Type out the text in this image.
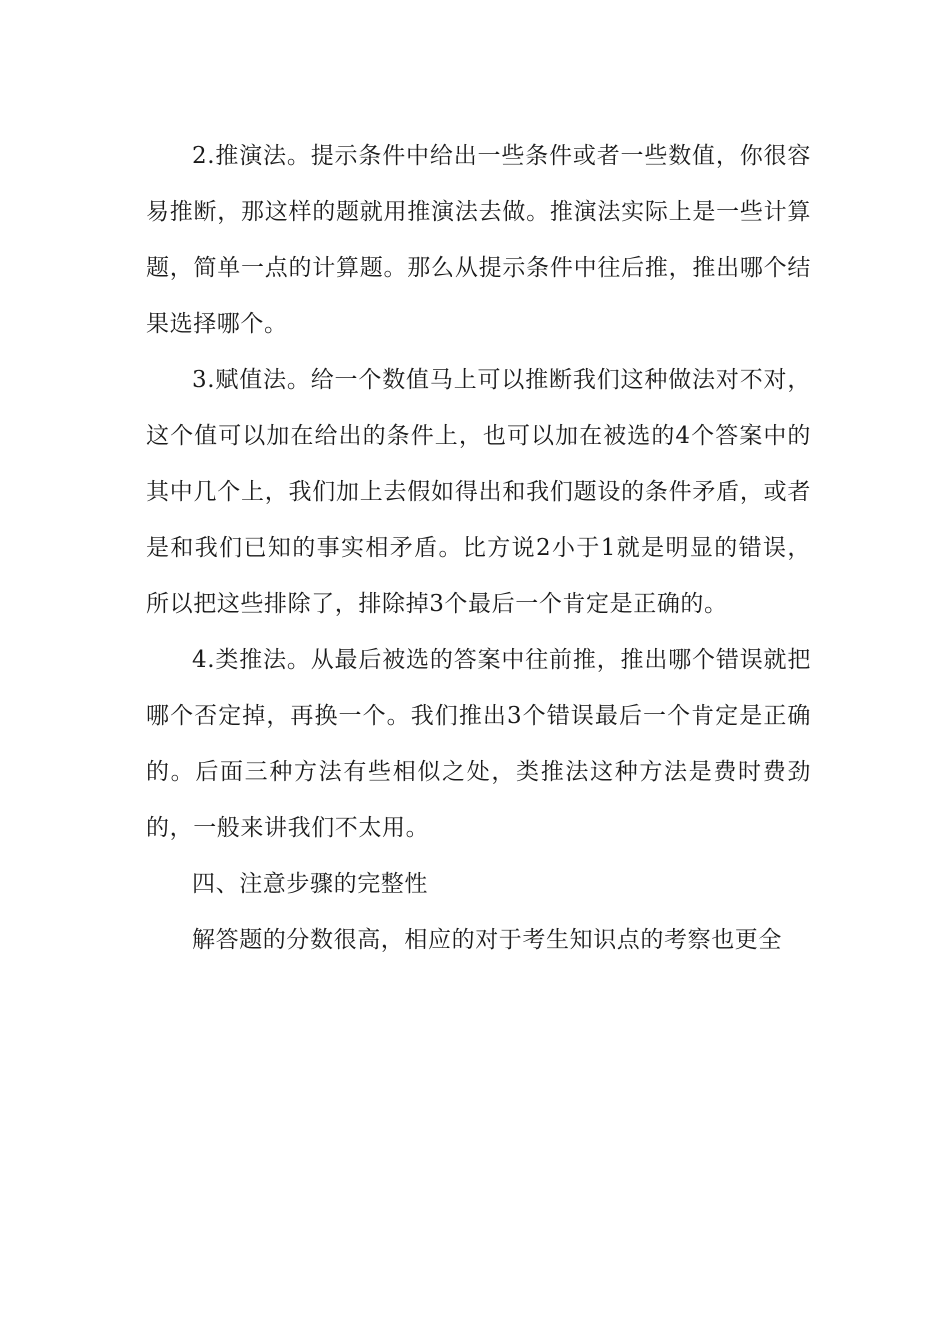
2.推演法。提示条件中给出一些条件或者一些数值，你很容易推断，那这样的题就用推演法去做。推演法实际上是一些计算题，简单一点的计算题。那么从提示条件中往后推，推出哪个结果选择哪个。

3.赋值法。给一个数值马上可以推断我们这种做法对不对，这个值可以加在给出的条件上，也可以加在被选的4个答案中的其中几个上，我们加上去假如得出和我们题设的条件矛盾，或者是和我们已知的事实相矛盾。比方说2小于1就是明显的错误，所以把这些排除了，排除掉3个最后一个肯定是正确的。

4.类推法。从最后被选的答案中往前推，推出哪个错误就把哪个否定掉，再换一个。我们推出3个错误最后一个肯定是正确的。后面三种方法有些相似之处，类推法这种方法是费时费劲的，一般来讲我们不太用。

四、注意步骤的完整性

解答题的分数很高，相应的对于考生知识点的考察也更全
